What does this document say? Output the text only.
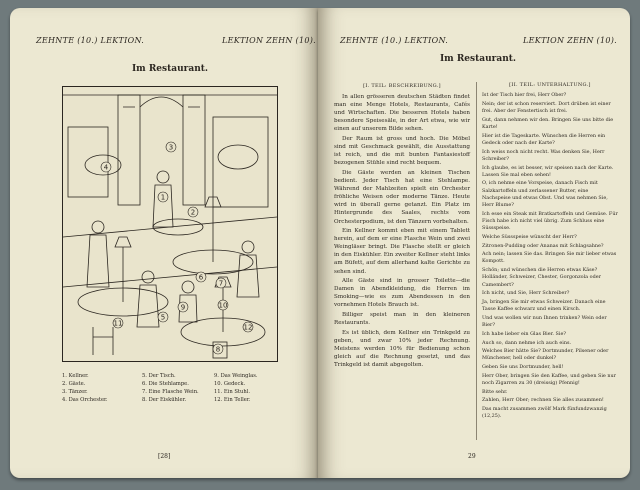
ZEHNTE (10.) LEKTION.	LEKTION ZEHN (10).
Im Restaurant.
4
3
1
2
5
6
7
8
9	10
11	12
1. Kellner.
2. Gäste.
3. Tänzer.
4. Das Orchester.
5. Der Tisch.
6. Die Stehlampe.
7. Eine Flasche Wein.
8. Der Eiskühler.
9. Das Weinglas.
10. Gedeck.
11. Ein Stuhl.
12. Ein Teller.
[28]
ZEHNTE (10.) LEKTION.	LEKTION ZEHN (10).
Im Restaurant.
[I. TEIL: BESCHREIBUNG.]

In allen grösseren deutschen Städten findet man eine Menge Hotels, Restaurants, Cafés und Wirtschaften. Die besseren Hotels haben besondere Speisesäle, in der Art etwa, wie wir einen auf unserem Bilde sehen.

Der Raum ist gross und hoch. Die Möbel sind mit Geschmack gewählt, die Ausstattung ist reich, und die mit bunten Fantasiestoff bezogenen Stühle sind recht bequem.

Die Gäste werden an kleinen Tischen bedient. Jeder Tisch hat eine Stehlampe. Während der Mahlzeiten spielt ein Orchester fröhliche Weisen oder moderne Tänze. Heute wird in überall gerne getanzt. Ein Platz im Hintergrunde des Saales, rechts vom Orchesterpodium, ist den Tänzern vorbehalten.

Ein Kellner kommt eben mit einem Tablett herein, auf dem er eine Flasche Wein und zwei Weingläser bringt. Die Flasche stellt er gleich in den Eiskühler. Ein zweiter Kellner steht links am Büfett, auf dem allerhand kalte Gerichte zu sehen sind.

Alle Gäste sind in grosser Toilette—die Damen in Abendkleidung, die Herren im Smoking—wie es zum Abendessen in den vornehmen Hotels Brauch ist.

Billiger speist man in den kleineren Restaurants.

Es ist üblich, dem Kellner ein Trinkgeld zu geben, und zwar 10% jeder Rechnung. Meistens werden 10% für Bedienung schon gleich auf die Rechnung gesetzt, und das Trinkgeld ist damit abgegolten.

[II. TEIL: UNTERHALTUNG.]

Ist der Tisch hier frei, Herr Ober?

Nein; der ist schon reserviert. Dort drüben ist einer frei. Aber der Fenstertisch ist frei.

Gut, dann nehmen wir den. Bringen Sie uns bitte die Karte!

Hier ist die Tageskarte. Wünschen die Herren ein Gedeck oder nach der Karte?

Ich weiss noch nicht recht. Was denken Sie, Herr Schreiber?

Ich glaube, es ist besser, wir speisen nach der Karte. Lassen Sie mal eben sehen!

O, ich nehme eine Vorspeise, danach Fisch mit Salzkartoffeln und zerlassener Butter, eine Nachspeise und etwas Obst. Und was nehmen Sie, Herr Blume?

Ich esse ein Steak mit Bratkartoffeln und Gemüse. Für Fisch habe ich nicht viel übrig. Zum Schluss eine Süssspeise.

Welche Süssspeise wünscht der Herr?

Zitronen-Pudding oder Ananas mit Schlagsahne?

Ach nein; lassen Sie das. Bringen Sie mir lieber etwas Kompott.

Schön; und wünschen die Herren etwas Käse? Holländer, Schweizer, Chester, Gorgonzola oder Camembert?

Ich nicht, und Sie, Herr Schreiber?

Ja, bringen Sie mir etwas Schweizer. Danach eine Tasse Kaffee schwarz und einen Kirsch.

Und was wollen wir nun Ihnen trinken? Wein oder Bier?

Ich habe lieber ein Glas Bier. Sie?

Auch so, dann nehme ich auch eins.

Welches Bier hätte Sie? Dortmunder, Pilsener oder Münchener, hell oder dunkel?

Geben Sie uns Dortmunder, hell!

Herr Ober, bringen Sie den Kaffee, und geben Sie nur noch Zigarren zu 30 (dreissig) Pfennig!

Bitte sehr.

Zahlen, Herr Ober; rechnen Sie alles zusammen!

Das macht zusammen zwölf Mark fünfundzwanzig (12,25).

29
